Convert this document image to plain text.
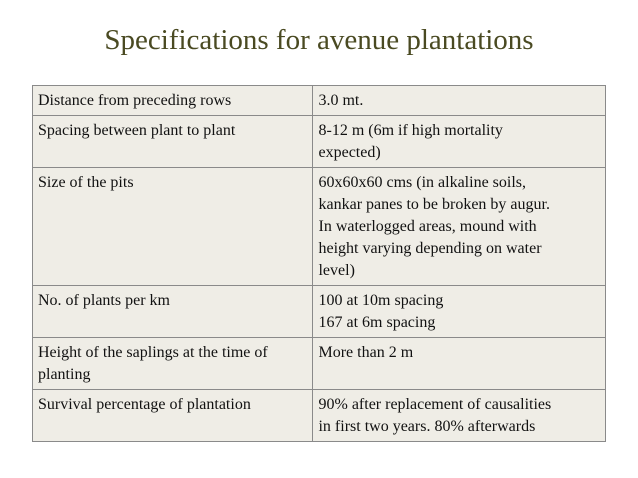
Specifications for avenue plantations
Distance from preceding rows	3.0 mt.
Spacing between plant to plant	8-12 m (6m if high mortality
expected)
Size of the pits	60x60x60 cms (in alkaline soils,
kankar panes to be broken by augur.
In waterlogged areas, mound with
height varying depending on water
level)
No. of plants per km	100 at 10m spacing
167 at 6m spacing
Height of the saplings at the time of
planting	More than 2 m
Survival percentage of plantation	90% after replacement of causalities
in first two years. 80% afterwards
